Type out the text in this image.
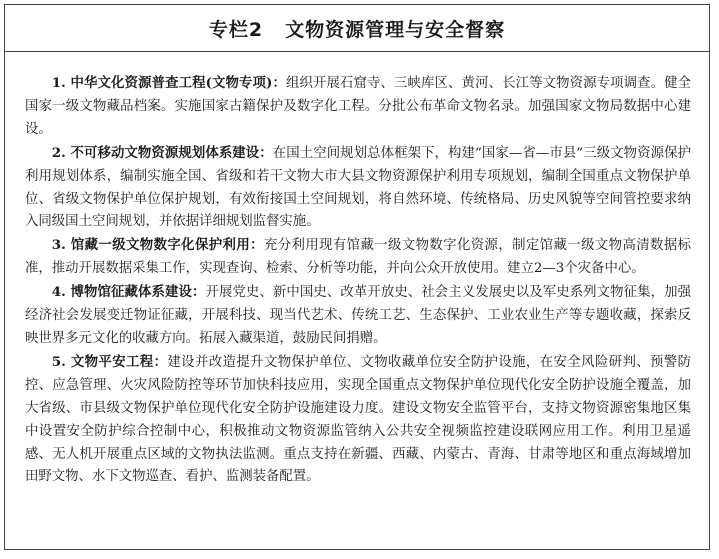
专栏2 文物资源管理与安全督察

1. 中华文化资源普查工程(文物专项)：组织开展石窟寺、三峡库区、黄河、长江等文物资源专项调查。健全国家一级文物藏品档案。实施国家古籍保护及数字化工程。分批公布革命文物名录。加强国家文物局数据中心建设。

2. 不可移动文物资源规划体系建设：在国土空间规划总体框架下，构建“国家—省—市县”三级文物资源保护利用规划体系，编制实施全国、省级和若干文物大市大县文物资源保护利用专项规划，编制全国重点文物保护单位、省级文物保护单位保护规划，有效衔接国土空间规划，将自然环境、传统格局、历史风貌等空间管控要求纳入同级国土空间规划，并依据详细规划监督实施。

3. 馆藏一级文物数字化保护利用：充分利用现有馆藏一级文物数字化资源，制定馆藏一级文物高清数据标准，推动开展数据采集工作，实现查询、检索、分析等功能，并向公众开放使用。建立2—3个灾备中心。

4. 博物馆征藏体系建设：开展党史、新中国史、改革开放史、社会主义发展史以及军史系列文物征集，加强经济社会发展变迁物证征藏，开展科技、现当代艺术、传统工艺、生态保护、工业农业生产等专题收藏，探索反映世界多元文化的收藏方向。拓展入藏渠道，鼓励民间捐赠。

5. 文物平安工程：建设并改造提升文物保护单位、文物收藏单位安全防护设施，在安全风险研判、预警防控、应急管理、火灾风险防控等环节加快科技应用，实现全国重点文物保护单位现代化安全防护设施全覆盖，加大省级、市县级文物保护单位现代化安全防护设施建设力度。建设文物安全监管平台，支持文物资源密集地区集中设置安全防护综合控制中心，积极推动文物资源监管纳入公共安全视频监控建设联网应用工作。利用卫星遥感、无人机开展重点区域的文物执法监测。重点支持在新疆、西藏、内蒙古、青海、甘肃等地区和重点海域增加田野文物、水下文物巡查、看护、监测装备配置。
